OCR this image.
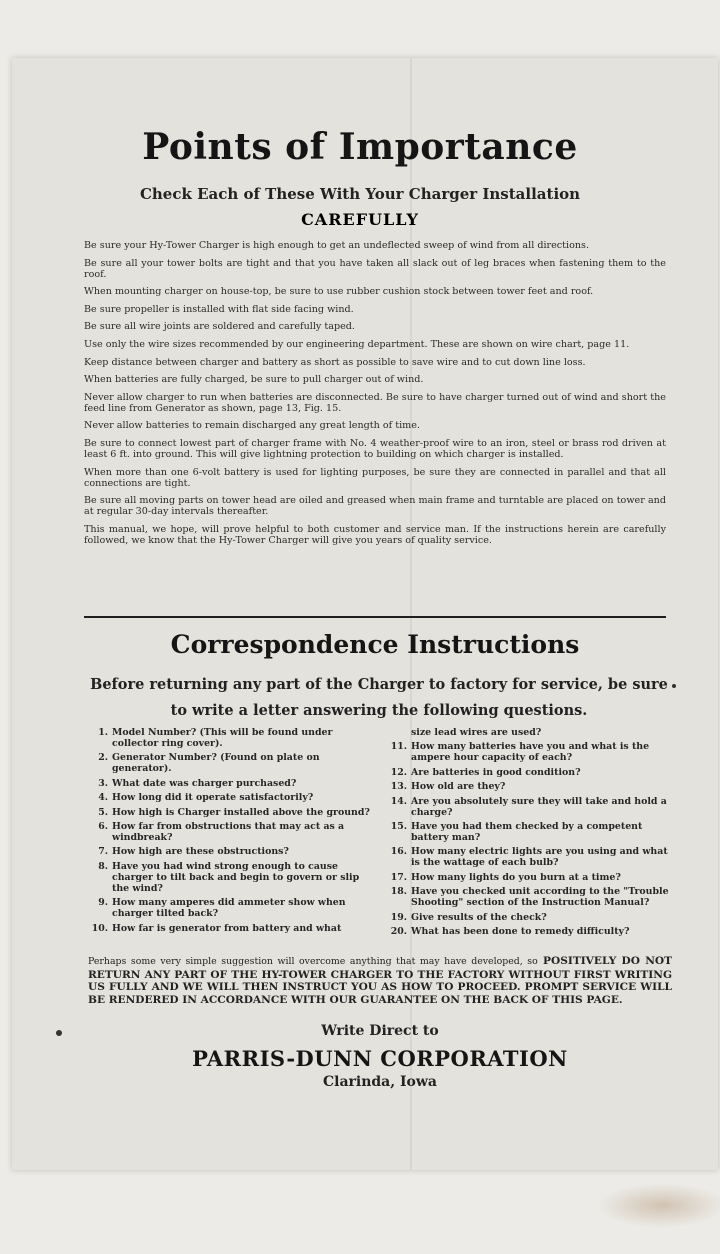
Points of Importance
Check Each of These With Your Charger Installation
CAREFULLY

Be sure your Hy-Tower Charger is high enough to get an undeflected sweep of wind from all directions.

Be sure all your tower bolts are tight and that you have taken all slack out of leg braces when fastening them to the roof.

When mounting charger on house-top, be sure to use rubber cushion stock between tower feet and roof.

Be sure propeller is installed with flat side facing wind.

Be sure all wire joints are soldered and carefully taped.

Use only the wire sizes recommended by our engineering department. These are shown on wire chart, page 11.

Keep distance between charger and battery as short as possible to save wire and to cut down line loss.

When batteries are fully charged, be sure to pull charger out of wind.

Never allow charger to run when batteries are disconnected. Be sure to have charger turned out of wind and short the feed line from Generator as shown, page 13, Fig. 15.

Never allow batteries to remain discharged any great length of time.

Be sure to connect lowest part of charger frame with No. 4 weather-proof wire to an iron, steel or brass rod driven at least 6 ft. into ground. This will give lightning protection to building on which charger is installed.

When more than one 6-volt battery is used for lighting purposes, be sure they are connected in parallel and that all connections are tight.

Be sure all moving parts on tower head are oiled and greased when main frame and turntable are placed on tower and at regular 30-day intervals thereafter.

This manual, we hope, will prove helpful to both customer and service man. If the instructions herein are carefully followed, we know that the Hy-Tower Charger will give you years of quality service.

Correspondence Instructions
Before returning any part of the Charger to factory for service, be sure to write a letter answering the following questions.
1. Model Number? (This will be found under collector ring cover).
2. Generator Number? (Found on plate on generator).
3. What date was charger purchased?
4. How long did it operate satisfactorily?
5. How high is Charger installed above the ground?
6. How far from obstructions that may act as a windbreak?
7. How high are these obstructions?
8. Have you had wind strong enough to cause charger to tilt back and begin to govern or slip the wind?
9. How many amperes did ammeter show when charger tilted back?
10. How far is generator from battery and what
size lead wires are used?
11. How many batteries have you and what is the ampere hour capacity of each?
12. Are batteries in good condition?
13. How old are they?
14. Are you absolutely sure they will take and hold a charge?
15. Have you had them checked by a competent battery man?
16. How many electric lights are you using and what is the wattage of each bulb?
17. How many lights do you burn at a time?
18. Have you checked unit according to the "Trouble Shooting" section of the Instruction Manual?
19. Give results of the check?
20. What has been done to remedy difficulty?
Perhaps some very simple suggestion will overcome anything that may have developed, so POSITIVELY DO NOT RETURN ANY PART OF THE HY-TOWER CHARGER TO THE FACTORY WITHOUT FIRST WRITING US FULLY AND WE WILL THEN INSTRUCT YOU AS HOW TO PROCEED. PROMPT SERVICE WILL BE RENDERED IN ACCORDANCE WITH OUR GUARANTEE ON THE BACK OF THIS PAGE.
Write Direct to
PARRIS-DUNN CORPORATION
Clarinda, Iowa
